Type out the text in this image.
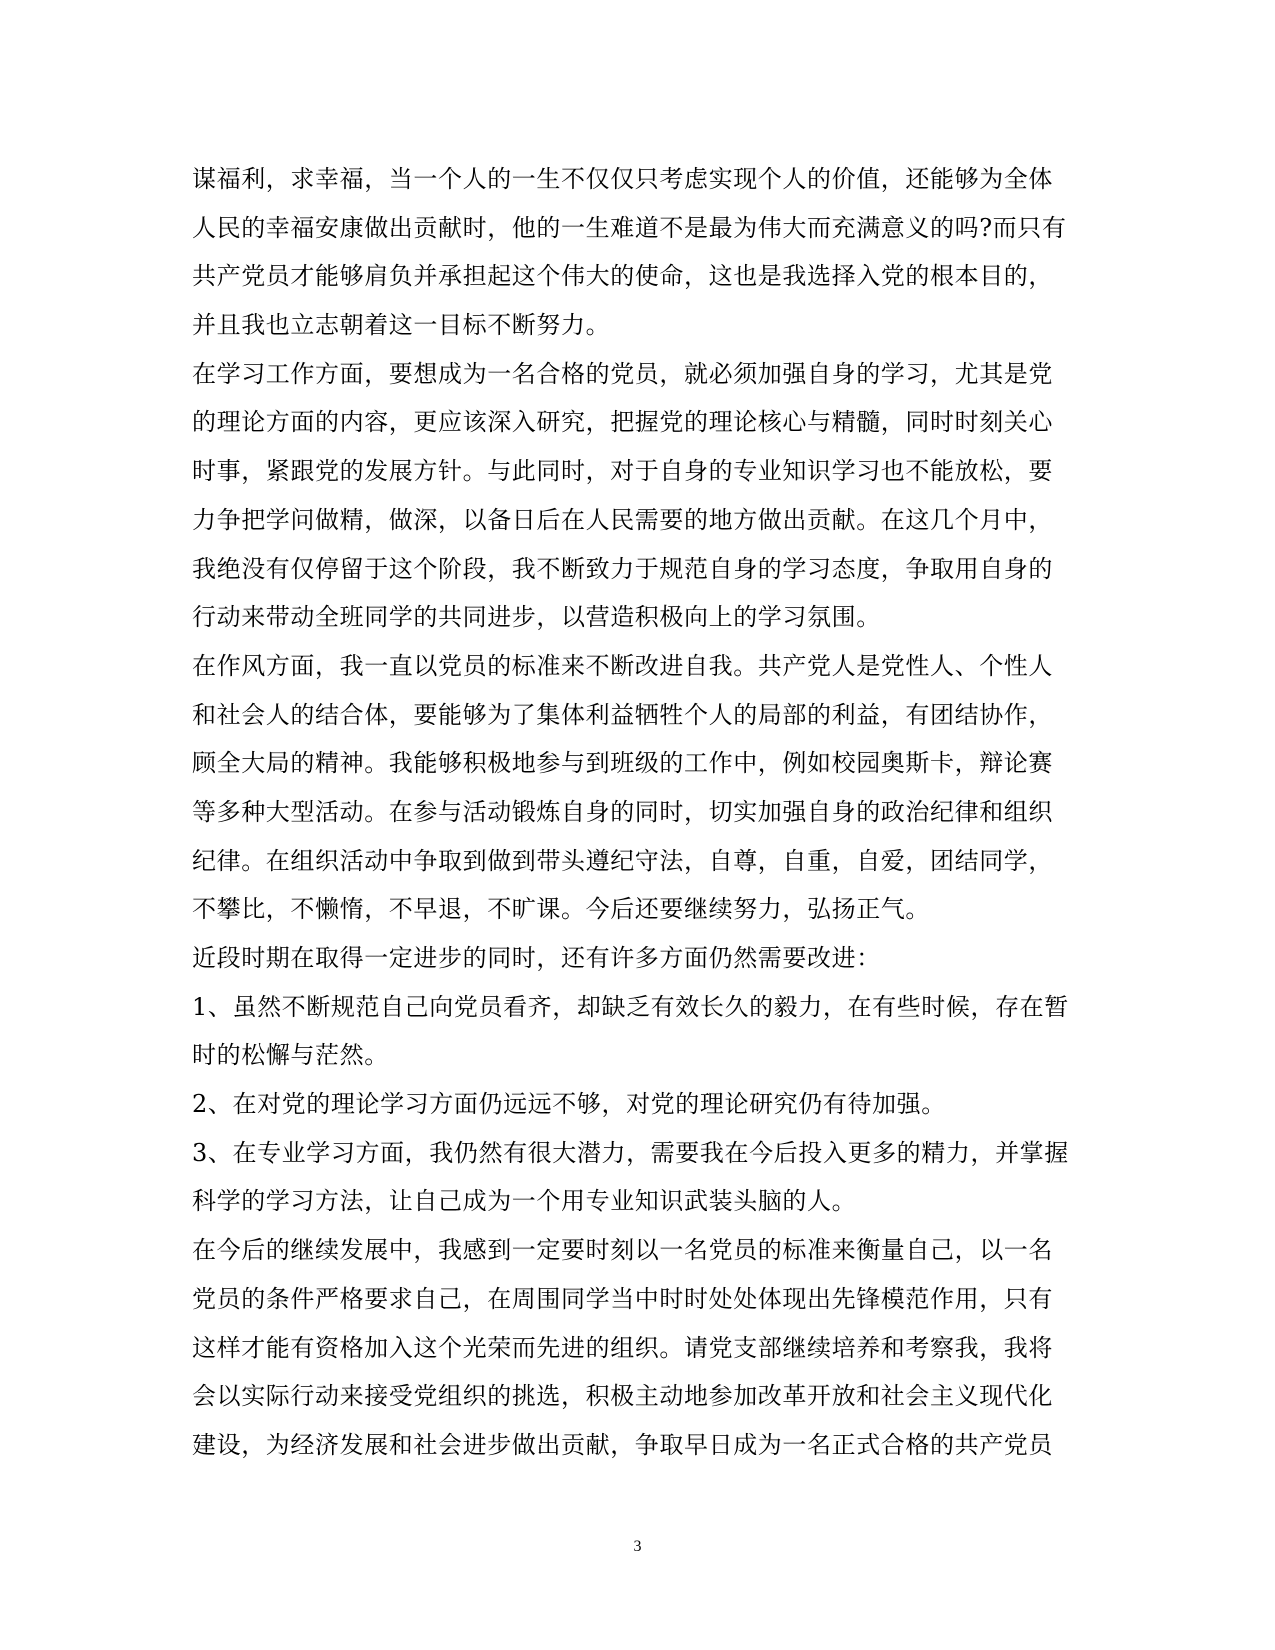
谋福利，求幸福，当一个人的一生不仅仅只考虑实现个人的价值，还能够为全体
人民的幸福安康做出贡献时，他的一生难道不是最为伟大而充满意义的吗?而只有
共产党员才能够肩负并承担起这个伟大的使命，这也是我选择入党的根本目的，
并且我也立志朝着这一目标不断努力。
在学习工作方面，要想成为一名合格的党员，就必须加强自身的学习，尤其是党
的理论方面的内容，更应该深入研究，把握党的理论核心与精髓，同时时刻关心
时事，紧跟党的发展方针。与此同时，对于自身的专业知识学习也不能放松，要
力争把学问做精，做深，以备日后在人民需要的地方做出贡献。在这几个月中，
我绝没有仅停留于这个阶段，我不断致力于规范自身的学习态度，争取用自身的
行动来带动全班同学的共同进步，以营造积极向上的学习氛围。
在作风方面，我一直以党员的标准来不断改进自我。共产党人是党性人、个性人
和社会人的结合体，要能够为了集体利益牺牲个人的局部的利益，有团结协作，
顾全大局的精神。我能够积极地参与到班级的工作中，例如校园奥斯卡，辩论赛
等多种大型活动。在参与活动锻炼自身的同时，切实加强自身的政治纪律和组织
纪律。在组织活动中争取到做到带头遵纪守法，自尊，自重，自爱，团结同学，
不攀比，不懒惰，不早退，不旷课。今后还要继续努力，弘扬正气。
近段时期在取得一定进步的同时，还有许多方面仍然需要改进：
1、虽然不断规范自己向党员看齐，却缺乏有效长久的毅力，在有些时候，存在暂
时的松懈与茫然。
2、在对党的理论学习方面仍远远不够，对党的理论研究仍有待加强。
3、在专业学习方面，我仍然有很大潜力，需要我在今后投入更多的精力，并掌握
科学的学习方法，让自己成为一个用专业知识武装头脑的人。
在今后的继续发展中，我感到一定要时刻以一名党员的标准来衡量自己，以一名
党员的条件严格要求自己，在周围同学当中时时处处体现出先锋模范作用，只有
这样才能有资格加入这个光荣而先进的组织。请党支部继续培养和考察我，我将
会以实际行动来接受党组织的挑选，积极主动地参加改革开放和社会主义现代化
建设，为经济发展和社会进步做出贡献，争取早日成为一名正式合格的共产党员
3
